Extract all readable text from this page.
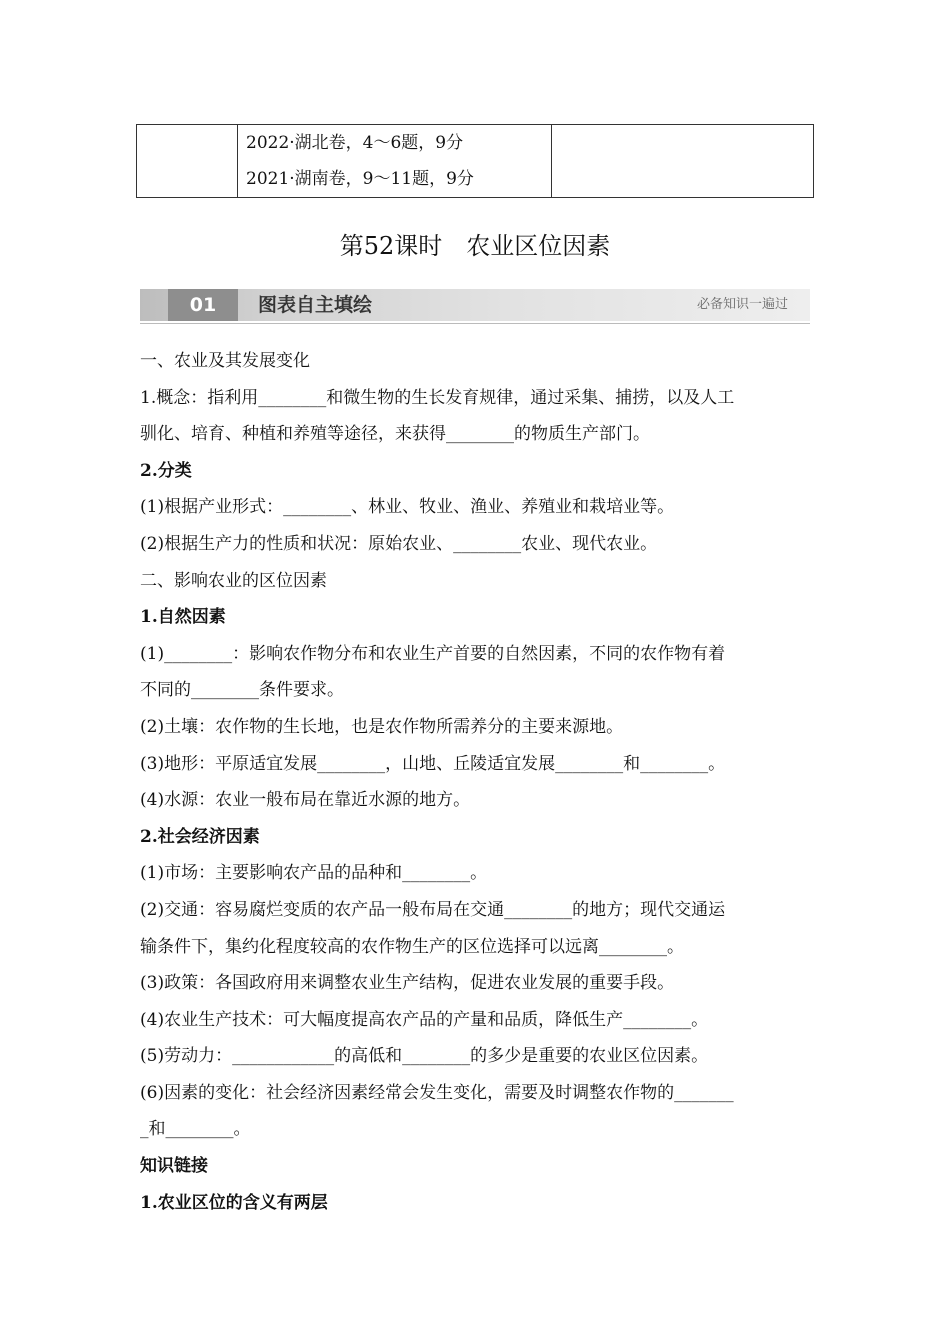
2022·湖北卷，4～6题，9分
2021·湖南卷，9～11题，9分

第52课时　农业区位因素
01	图表自主填绘	必备知识一遍过
一、农业及其发展变化
1.概念：指利用________和微生物的生长发育规律，通过采集、捕捞，以及人工
驯化、培育、种植和养殖等途径，来获得________的物质生产部门。
2.分类
(1)根据产业形式：________、林业、牧业、渔业、养殖业和栽培业等。
(2)根据生产力的性质和状况：原始农业、________农业、现代农业。
二、影响农业的区位因素
1.自然因素
(1)________：影响农作物分布和农业生产首要的自然因素，不同的农作物有着
不同的________条件要求。
(2)土壤：农作物的生长地，也是农作物所需养分的主要来源地。
(3)地形：平原适宜发展________，山地、丘陵适宜发展________和________。
(4)水源：农业一般布局在靠近水源的地方。
2.社会经济因素
(1)市场：主要影响农产品的品种和________。
(2)交通：容易腐烂变质的农产品一般布局在交通________的地方；现代交通运
输条件下，集约化程度较高的农作物生产的区位选择可以远离________。
(3)政策：各国政府用来调整农业生产结构，促进农业发展的重要手段。
(4)农业生产技术：可大幅度提高农产品的产量和品质，降低生产________。
(5)劳动力：____________的高低和________的多少是重要的农业区位因素。
(6)因素的变化：社会经济因素经常会发生变化，需要及时调整农作物的_______
_和________。
知识链接
1.农业区位的含义有两层
